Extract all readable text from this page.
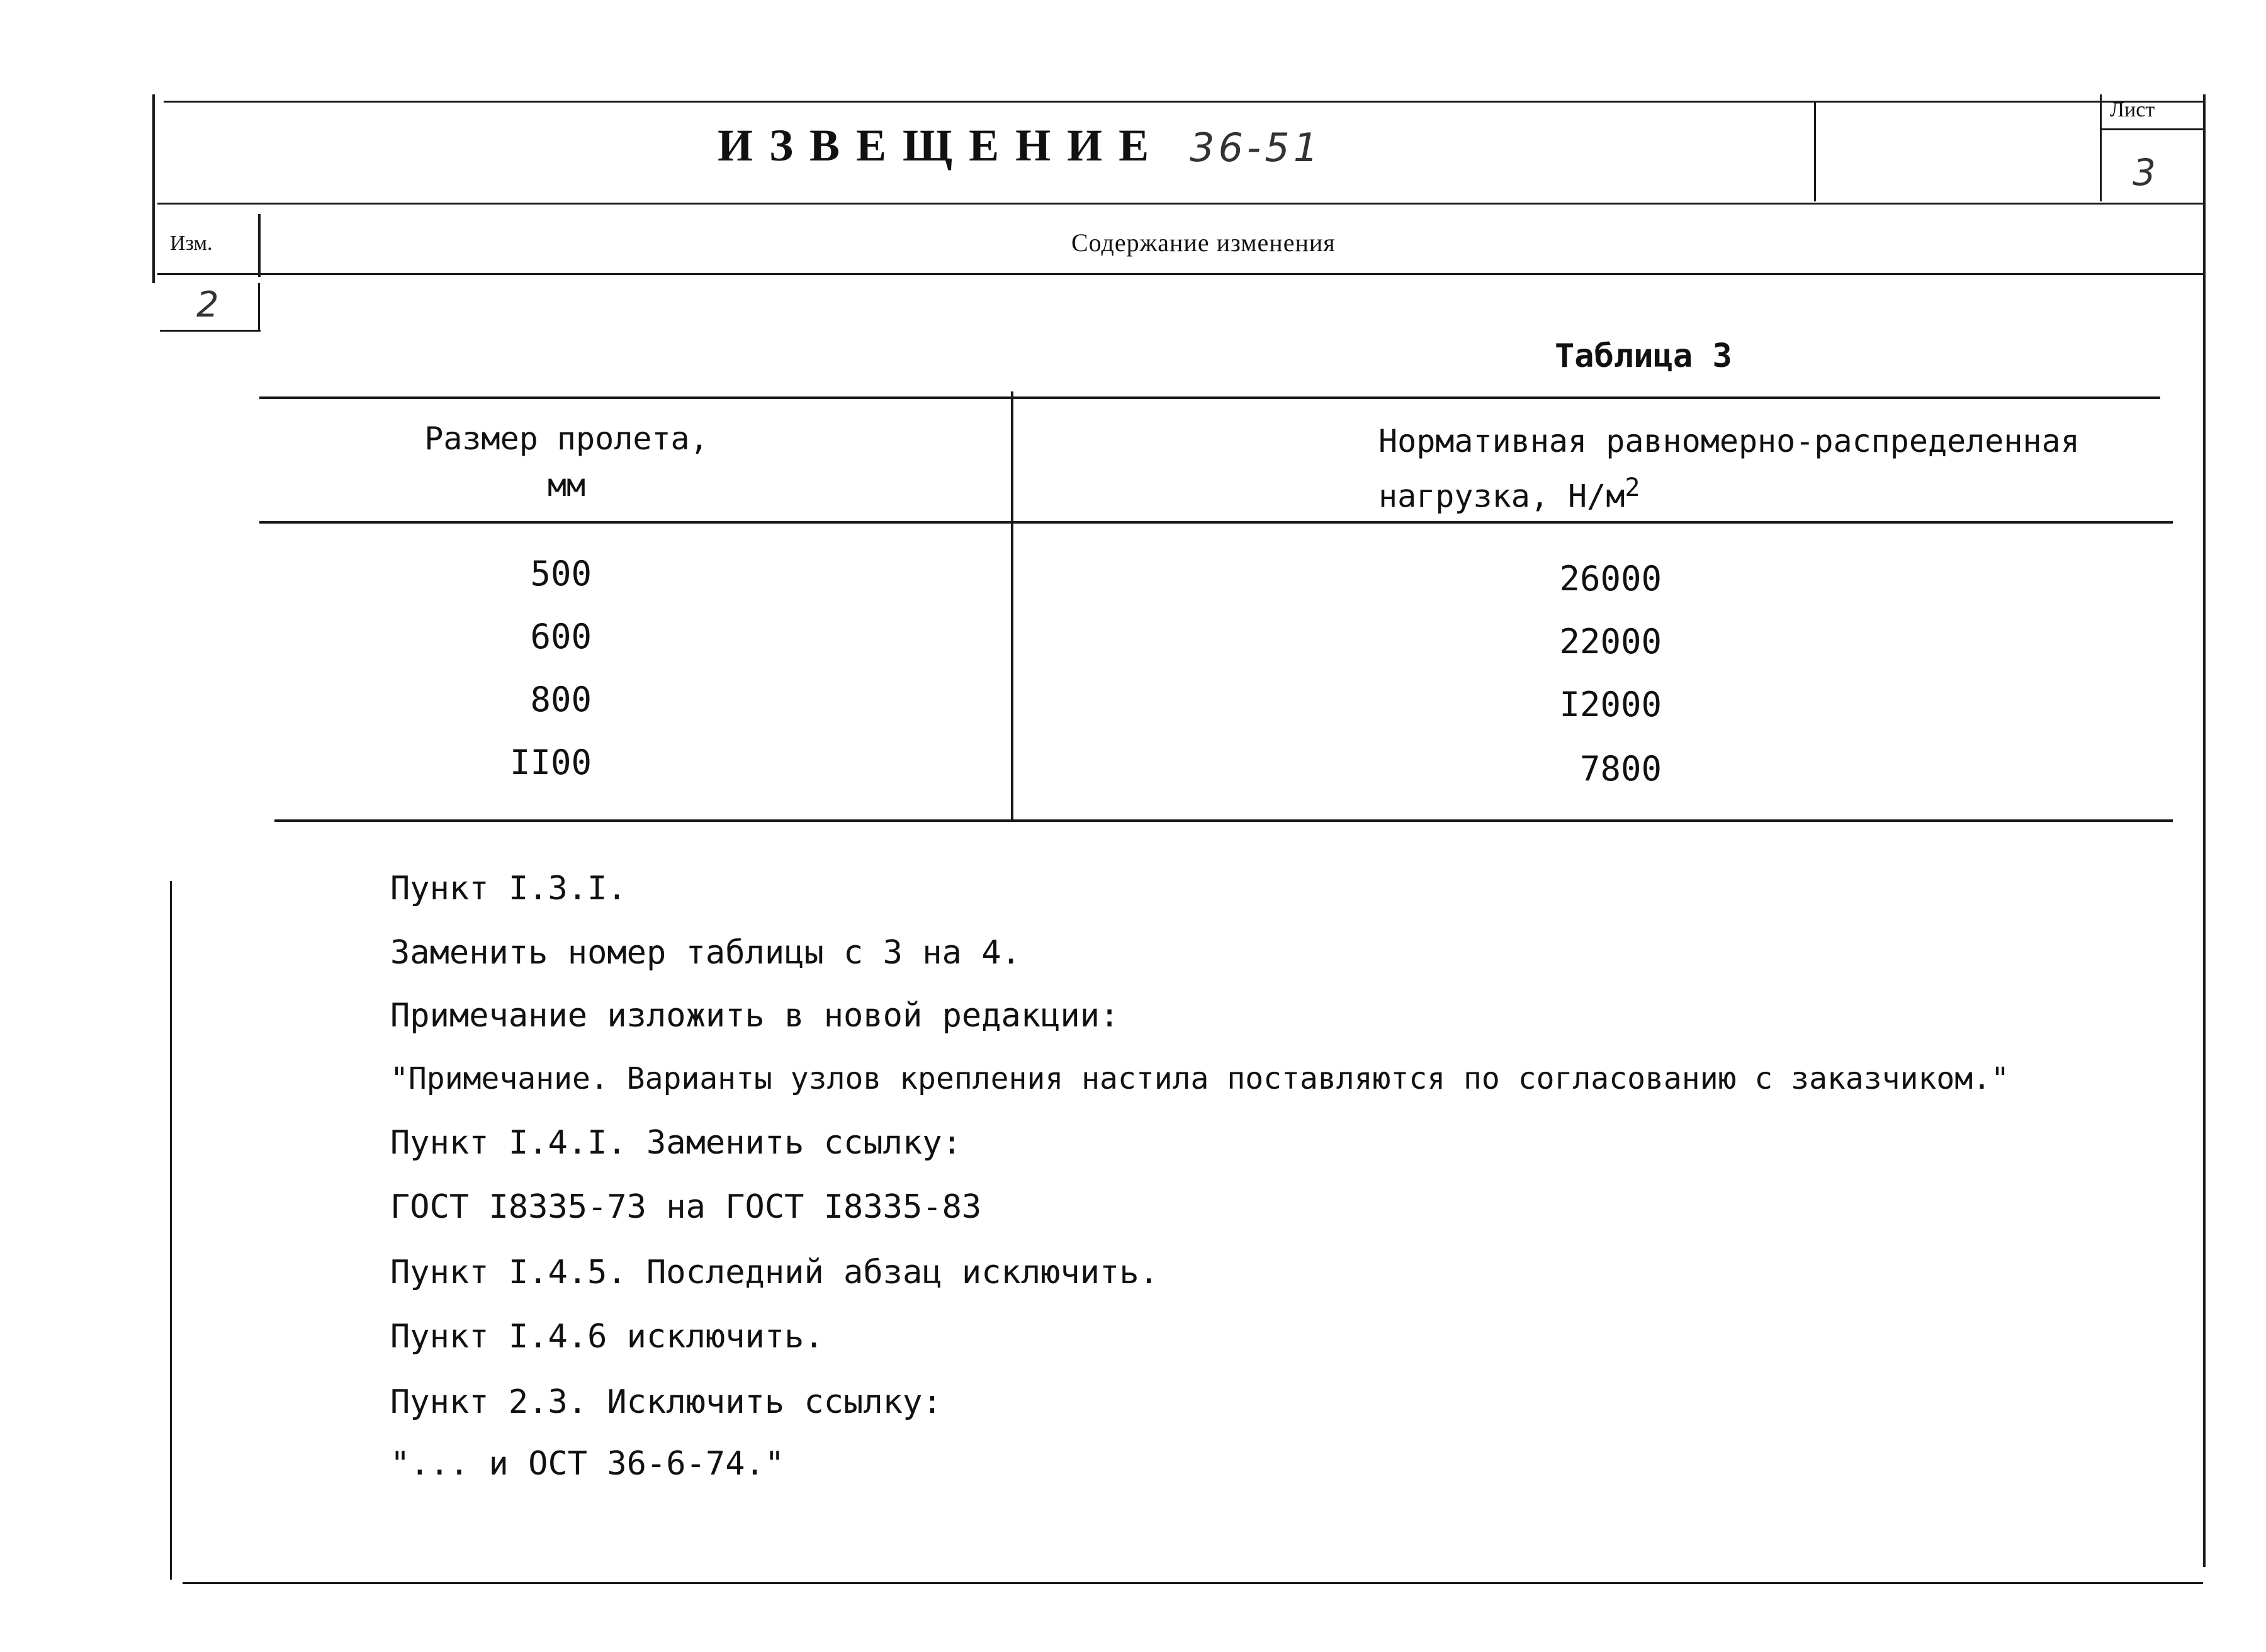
ИЗВЕЩЕНИЕ 36-51
Лист
3
Изм.	Содержание изменения
2
Таблица 3
Размер пролета,
мм
Нормативная равномерно-распределенная
нагрузка, $Н/м^2$
500	26000
600	22000
800	I2000
II00	7800
Пункт I.3.I.
Заменить номер таблицы с 3 на 4.
Примечание изложить в новой редакции:
"Примечание. Варианты узлов крепления настила поставляются по согласованию с заказчиком."
Пункт I.4.I. Заменить ссылку:
ГОСТ I8335-73 на ГОСТ I8335-83
Пункт I.4.5. Последний абзац исключить.
Пункт I.4.6 исключить.
Пункт 2.3. Исключить ссылку:
"... и ОСТ 36-6-74."
